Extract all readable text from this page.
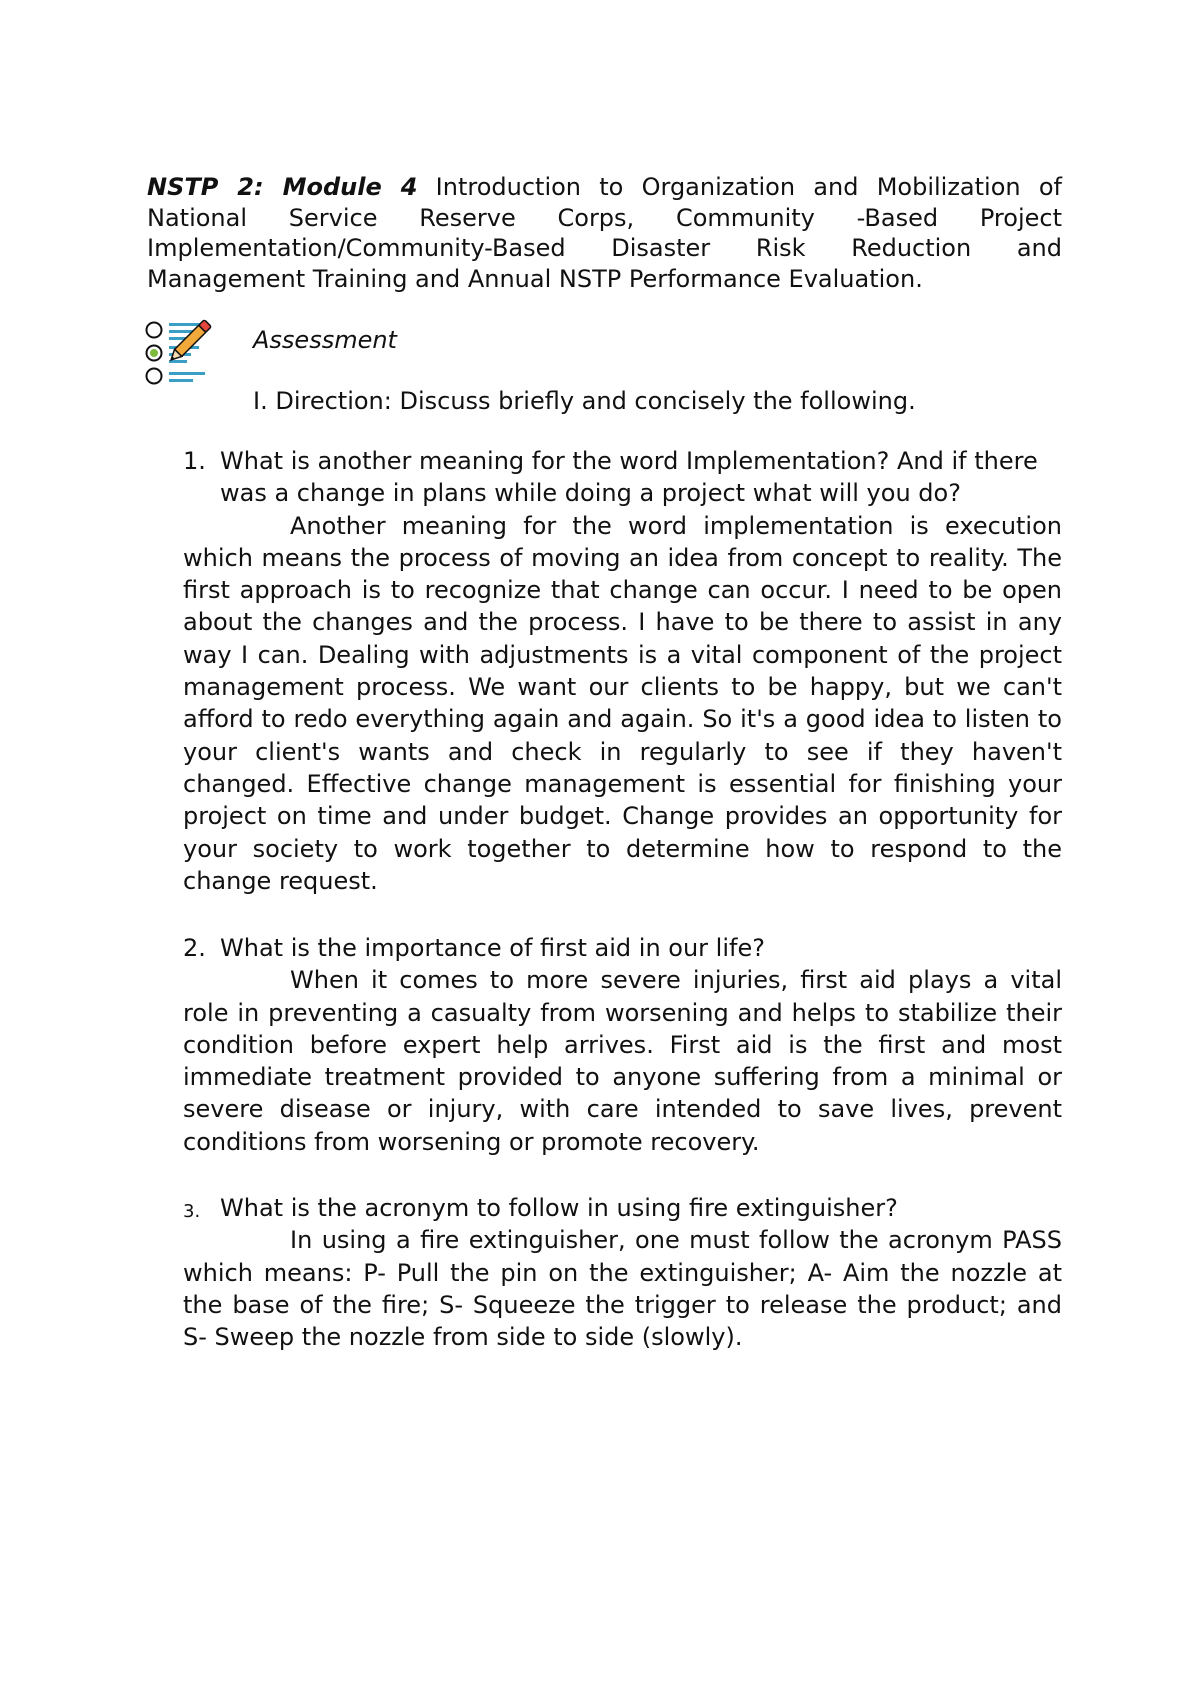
NSTP 2: Module 4 Introduction to Organization and Mobilization of National Service Reserve Corps, Community -Based Project Implementation/Community-Based Disaster Risk Reduction and Management Training and Annual NSTP Performance Evaluation.
Assessment
I. Direction: Discuss briefly and concisely the following.
1. What is another meaning for the word Implementation? And if there was a change in plans while doing a project what will you do?
Another meaning for the word implementation is execution which means the process of moving an idea from concept to reality. The first approach is to recognize that change can occur. I need to be open about the changes and the process. I have to be there to assist in any way I can. Dealing with adjustments is a vital component of the project management process. We want our clients to be happy, but we can't afford to redo everything again and again. So it's a good idea to listen to your client's wants and check in regularly to see if they haven't changed. Effective change management is essential for finishing your project on time and under budget. Change provides an opportunity for your society to work together to determine how to respond to the change request.
2. What is the importance of first aid in our life?
When it comes to more severe injuries, first aid plays a vital role in preventing a casualty from worsening and helps to stabilize their condition before expert help arrives. First aid is the first and most immediate treatment provided to anyone suffering from a minimal or severe disease or injury, with care intended to save lives, prevent conditions from worsening or promote recovery.
3. What is the acronym to follow in using fire extinguisher?
In using a fire extinguisher, one must follow the acronym PASS which means: P- Pull the pin on the extinguisher; A- Aim the nozzle at the base of the fire; S- Squeeze the trigger to release the product; and S- Sweep the nozzle from side to side (slowly).
